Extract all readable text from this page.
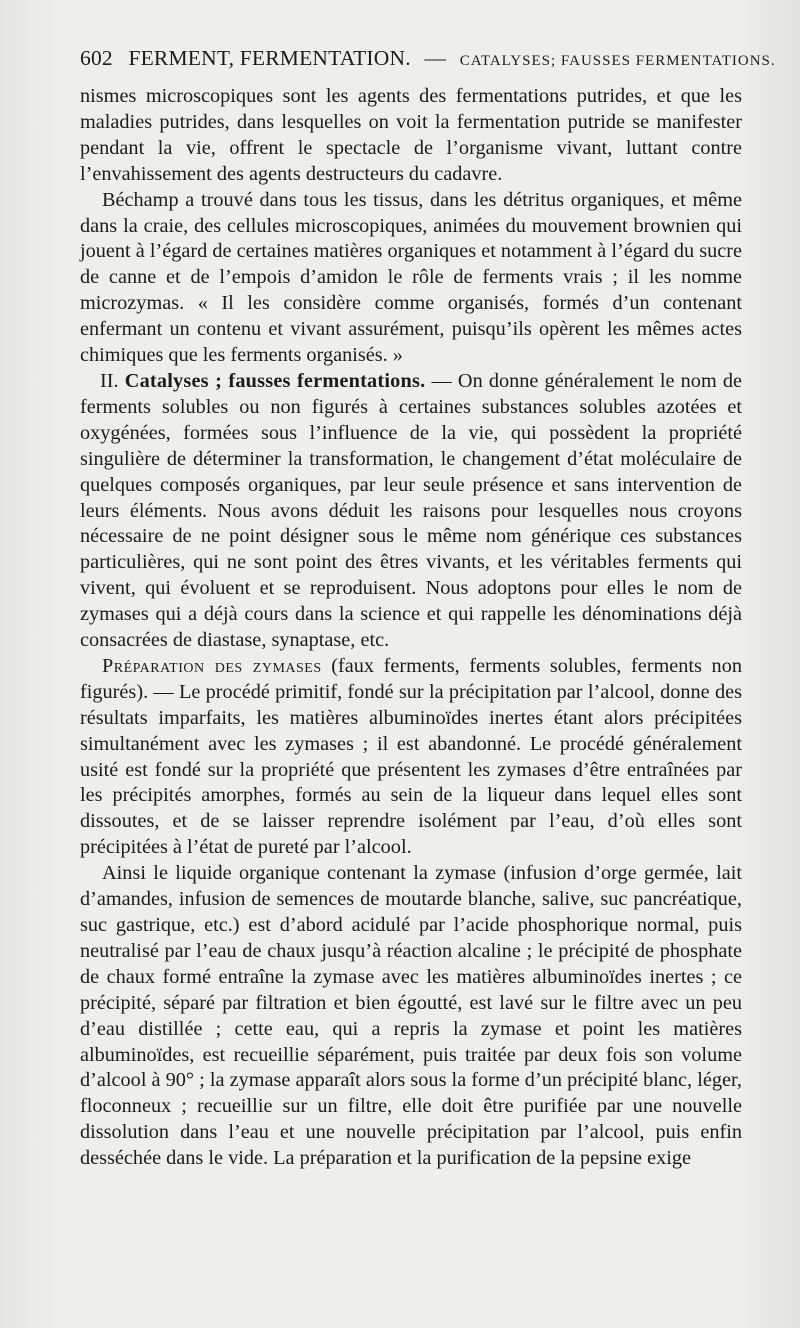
602 FERMENT, FERMENTATION. — CATALYSES; FAUSSES FERMENTATIONS.

nismes microscopiques sont les agents des fermentations putrides, et que les maladies putrides, dans lesquelles on voit la fermentation putride se manifester pendant la vie, offrent le spectacle de l’organisme vivant, luttant contre l’envahissement des agents destructeurs du cadavre.

Béchamp a trouvé dans tous les tissus, dans les détritus organiques, et même dans la craie, des cellules microscopiques, animées du mouvement brownien qui jouent à l’égard de certaines matières organiques et notamment à l’égard du sucre de canne et de l’empois d’amidon le rôle de ferments vrais ; il les nomme microzymas. « Il les considère comme organisés, formés d’un contenant enfermant un contenu et vivant assurément, puisqu’ils opèrent les mêmes actes chimiques que les ferments organisés. »

II. Catalyses ; fausses fermentations. — On donne généralement le nom de ferments solubles ou non figurés à certaines substances solubles azotées et oxygénées, formées sous l’influence de la vie, qui possèdent la propriété singulière de déterminer la transformation, le changement d’état moléculaire de quelques composés organiques, par leur seule présence et sans intervention de leurs éléments. Nous avons déduit les raisons pour lesquelles nous croyons nécessaire de ne point désigner sous le même nom générique ces substances particulières, qui ne sont point des êtres vivants, et les véritables ferments qui vivent, qui évoluent et se reproduisent. Nous adoptons pour elles le nom de zymases qui a déjà cours dans la science et qui rappelle les dénominations déjà consacrées de diastase, synaptase, etc.

Préparation des zymases (faux ferments, ferments solubles, ferments non figurés). — Le procédé primitif, fondé sur la précipitation par l’alcool, donne des résultats imparfaits, les matières albuminoïdes inertes étant alors précipitées simultanément avec les zymases ; il est abandonné. Le procédé généralement usité est fondé sur la propriété que présentent les zymases d’être entraînées par les précipités amorphes, formés au sein de la liqueur dans lequel elles sont dissoutes, et de se laisser reprendre isolément par l’eau, d’où elles sont précipitées à l’état de pureté par l’alcool.

Ainsi le liquide organique contenant la zymase (infusion d’orge germée, lait d’amandes, infusion de semences de moutarde blanche, salive, suc pancréatique, suc gastrique, etc.) est d’abord acidulé par l’acide phosphorique normal, puis neutralisé par l’eau de chaux jusqu’à réaction alcaline ; le précipité de phosphate de chaux formé entraîne la zymase avec les matières albuminoïdes inertes ; ce précipité, séparé par filtration et bien égoutté, est lavé sur le filtre avec un peu d’eau distillée ; cette eau, qui a repris la zymase et point les matières albuminoïdes, est recueillie séparément, puis traitée par deux fois son volume d’alcool à 90° ; la zymase apparaît alors sous la forme d’un précipité blanc, léger, floconneux ; recueillie sur un filtre, elle doit être purifiée par une nouvelle dissolution dans l’eau et une nouvelle précipitation par l’alcool, puis enfin desséchée dans le vide. La préparation et la purification de la pepsine exige
